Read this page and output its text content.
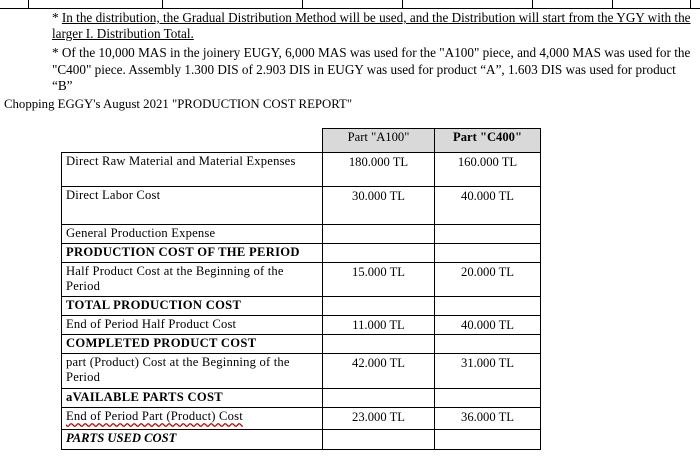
* In the distribution, the Gradual Distribution Method will be used, and the Distribution will start from the YGY with the larger I. Distribution Total.
* Of the 10,000 MAS in the joinery EUGY, 6,000 MAS was used for the "A100" piece, and 4,000 MAS was used for the "C400" piece. Assembly 1.300 DIS of 2.903 DIS in EUGY was used for product “A”, 1.603 DIS was used for product “B”
Chopping EGGY's August 2021 "PRODUCTION COST REPORT"
	Part "A100"	Part "C400"
Direct Raw Material and Material Expenses	180.000 TL	160.000 TL
Direct Labor Cost	30.000 TL	40.000 TL
General Production Expense		
PRODUCTION COST OF THE PERIOD		
Half Product Cost at the Beginning of the Period	15.000 TL	20.000 TL
TOTAL PRODUCTION COST		
End of Period Half Product Cost	11.000 TL	40.000 TL
COMPLETED PRODUCT COST		
part (Product) Cost at the Beginning of the Period	42.000 TL	31.000 TL
aVAILABLE PARTS COST		
End of Period Part (Product) Cost	23.000 TL	36.000 TL
PARTS USED COST		
